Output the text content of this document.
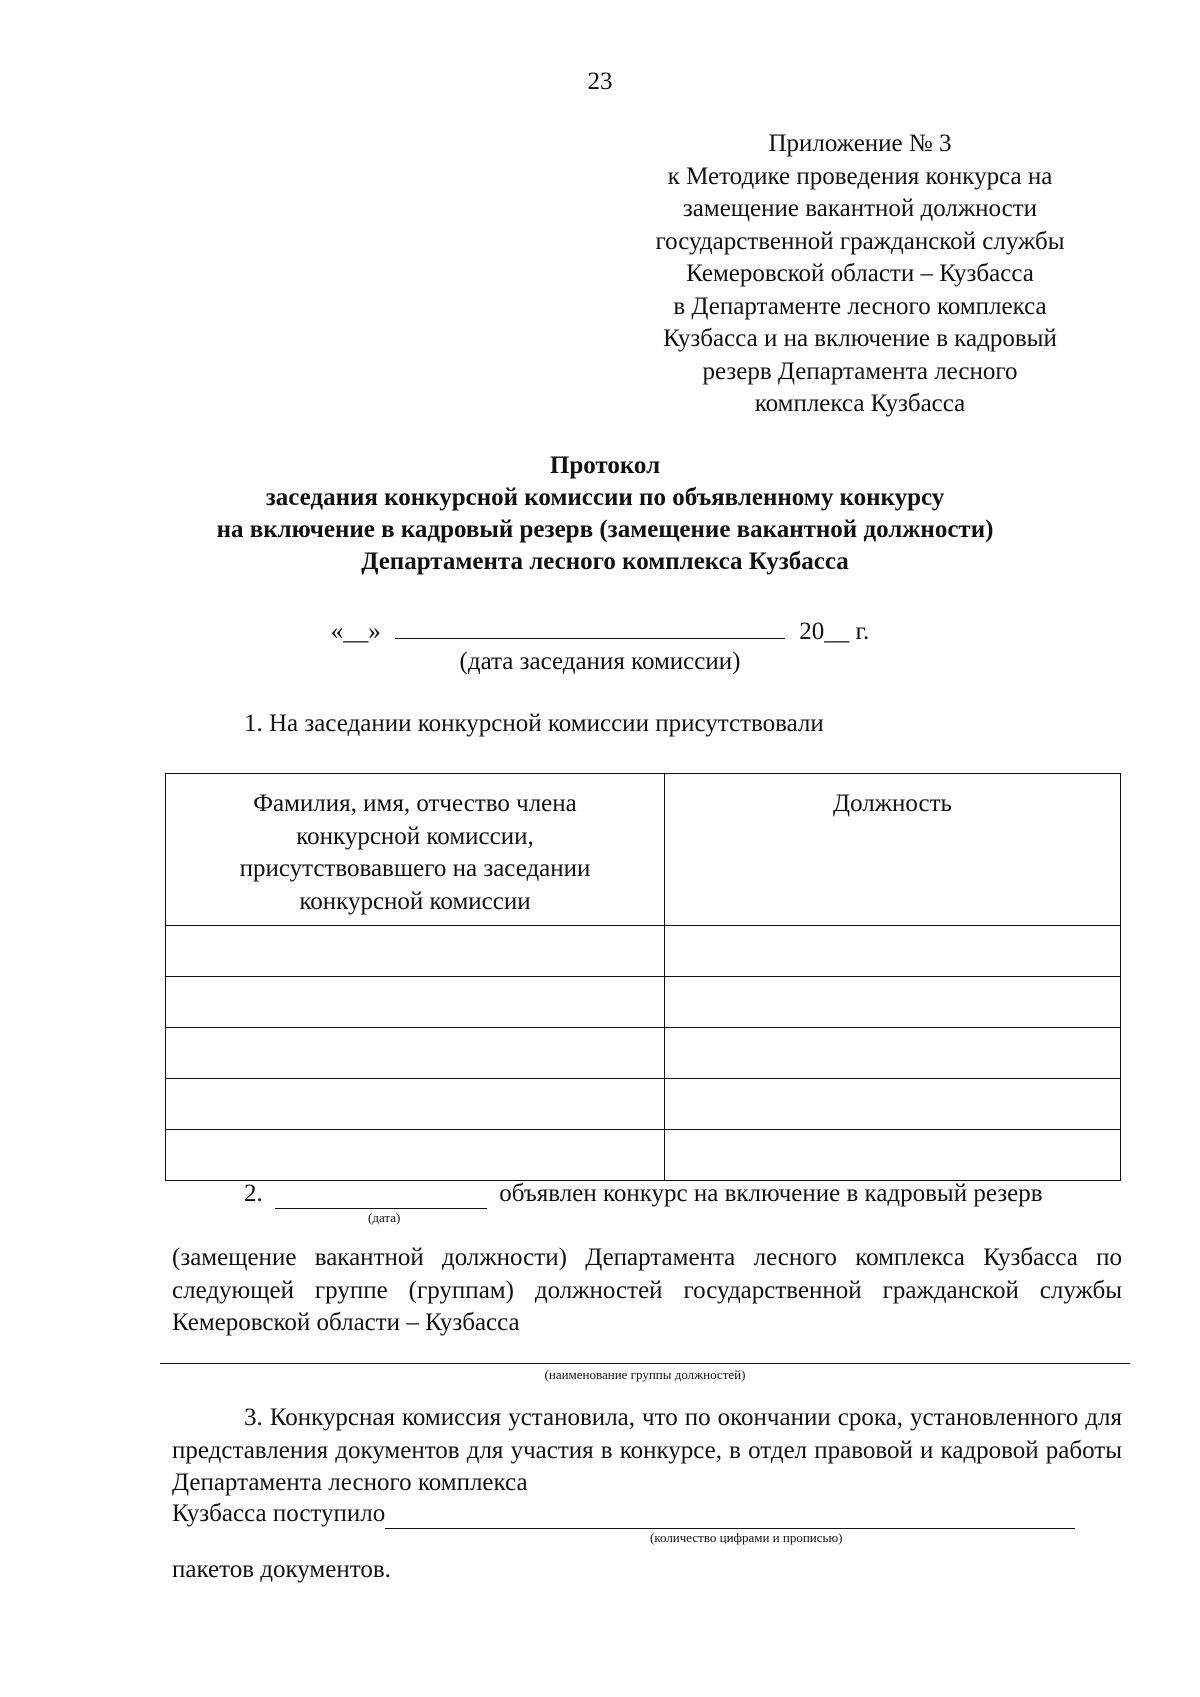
23
Приложение № 3
к Методике проведения конкурса на
замещение вакантной должности
государственной гражданской службы
Кемеровской области – Кузбасса
в Департаменте лесного комплекса
Кузбасса и на включение в кадровый
резерв Департамента лесного
комплекса Кузбасса
Протокол
заседания конкурсной комиссии по объявленному конкурсу
на включение в кадровый резерв (замещение вакантной должности)
Департамента лесного комплекса Кузбасса
«__»	20__ г.
(дата заседания комиссии)
1. На заседании конкурсной комиссии присутствовали
Фамилия, имя, отчество члена конкурсной комиссии, присутствовавшего на заседании конкурсной комиссии	Должность

2.	объявлен конкурс на включение в кадровый резерв
(дата)
(замещение вакантной должности) Департамента лесного комплекса Кузбасса по следующей группе (группам) должностей государственной гражданской службы Кемеровской области – Кузбасса
(наименование группы должностей)
3. Конкурсная комиссия установила, что по окончании срока, установленного для представления документов для участия в конкурсе, в отдел правовой и кадровой работы Департамента лесного комплекса
Кузбасса поступило
(количество цифрами и прописью)
пакетов документов.
